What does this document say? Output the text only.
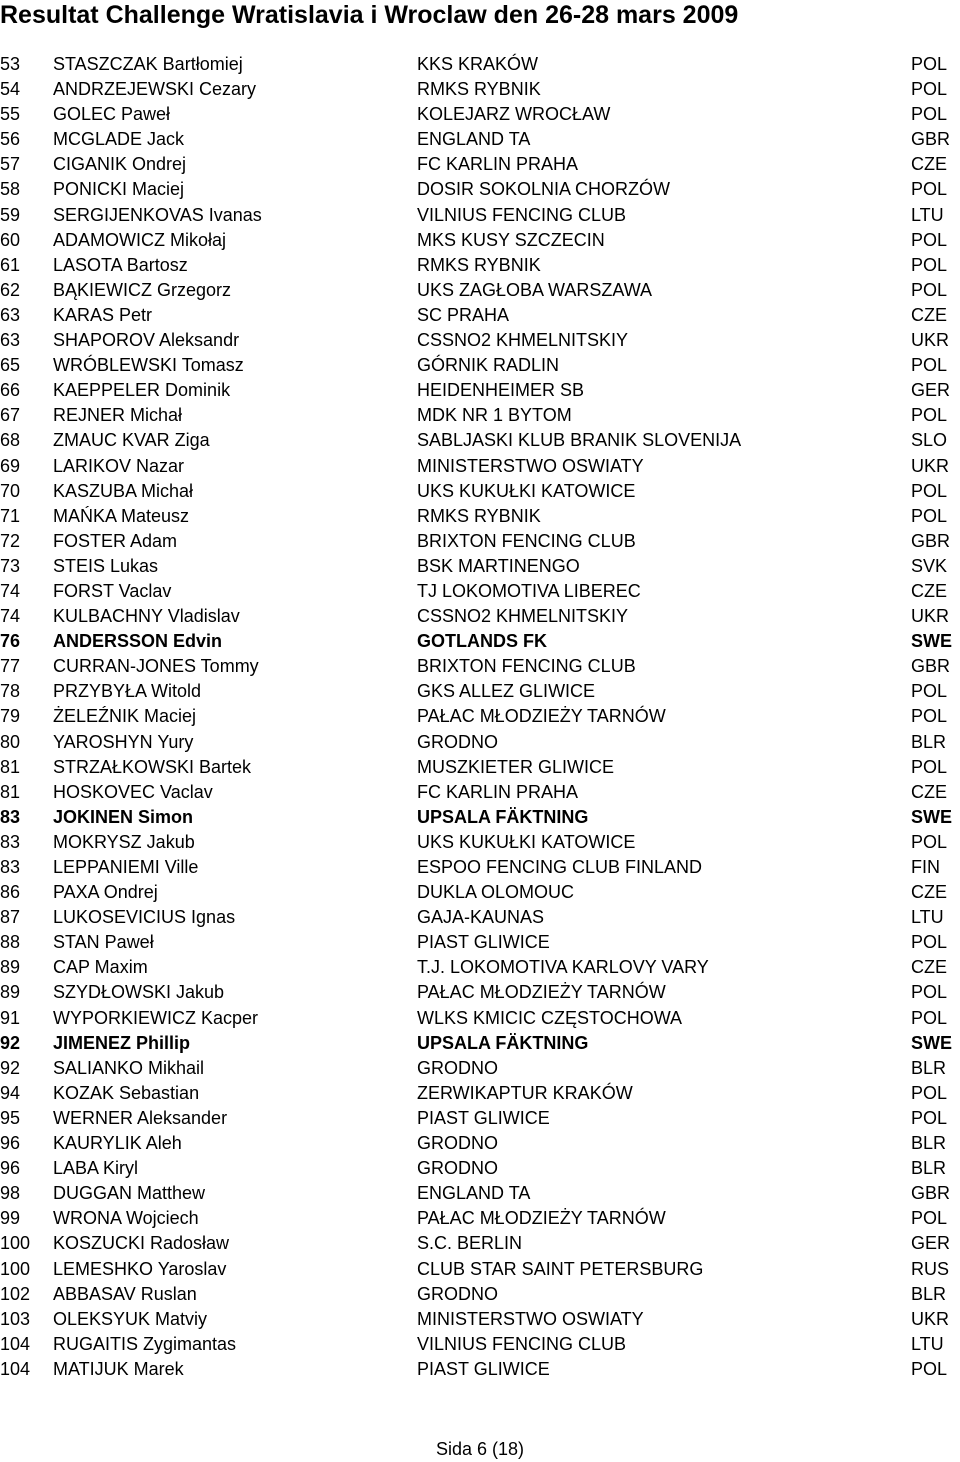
Resultat Challenge Wratislavia i Wroclaw den 26-28 mars 2009
53 STASZCZAK Bartłomiej	KKS KRAKÓW	POL
54 ANDRZEJEWSKI Cezary	RMKS RYBNIK	POL
55 GOLEC Paweł	KOLEJARZ WROCŁAW	POL
56 MCGLADE Jack	ENGLAND TA	GBR
57 CIGANIK Ondrej	FC KARLIN PRAHA	CZE
58 PONICKI Maciej	DOSIR SOKOLNIA CHORZÓW	POL
59 SERGIJENKOVAS Ivanas	VILNIUS FENCING CLUB	LTU
60 ADAMOWICZ Mikołaj	MKS KUSY SZCZECIN	POL
61 LASOTA Bartosz	RMKS RYBNIK	POL
62 BĄKIEWICZ Grzegorz	UKS ZAGŁOBA WARSZAWA	POL
63 KARAS Petr	SC PRAHA	CZE
63 SHAPOROV Aleksandr	CSSNO2 KHMELNITSKIY	UKR
65 WRÓBLEWSKI Tomasz	GÓRNIK RADLIN	POL
66 KAEPPELER Dominik	HEIDENHEIMER SB	GER
67 REJNER Michał	MDK NR 1 BYTOM	POL
68 ZMAUC KVAR Ziga	SABLJASKI KLUB BRANIK SLOVENIJA	SLO
69 LARIKOV Nazar	MINISTERSTWO OSWIATY	UKR
70 KASZUBA Michał	UKS KUKUŁKI KATOWICE	POL
71 MAŃKA Mateusz	RMKS RYBNIK	POL
72 FOSTER Adam	BRIXTON FENCING CLUB	GBR
73 STEIS Lukas	BSK MARTINENGO	SVK
74 FORST Vaclav	TJ LOKOMOTIVA LIBEREC	CZE
74 KULBACHNY Vladislav	CSSNO2 KHMELNITSKIY	UKR
76 ANDERSSON Edvin	GOTLANDS FK	SWE
77 CURRAN-JONES Tommy	BRIXTON FENCING CLUB	GBR
78 PRZYBYŁA Witold	GKS ALLEZ GLIWICE	POL
79 ŻELEŹNIK Maciej	PAŁAC MŁODZIEŻY TARNÓW	POL
80 YAROSHYN Yury	GRODNO	BLR
81 STRZAŁKOWSKI Bartek	MUSZKIETER GLIWICE	POL
81 HOSKOVEC Vaclav	FC KARLIN PRAHA	CZE
83 JOKINEN Simon	UPSALA FÄKTNING	SWE
83 MOKRYSZ Jakub	UKS KUKUŁKI KATOWICE	POL
83 LEPPANIEMI Ville	ESPOO FENCING CLUB FINLAND	FIN
86 PAXA Ondrej	DUKLA OLOMOUC	CZE
87 LUKOSEVICIUS Ignas	GAJA-KAUNAS	LTU
88 STAN Paweł	PIAST GLIWICE	POL
89 CAP Maxim	T.J. LOKOMOTIVA KARLOVY VARY	CZE
89 SZYDŁOWSKI Jakub	PAŁAC MŁODZIEŻY TARNÓW	POL
91 WYPORKIEWICZ Kacper	WLKS KMICIC CZĘSTOCHOWA	POL
92 JIMENEZ Phillip	UPSALA FÄKTNING	SWE
92 SALIANKO Mikhail	GRODNO	BLR
94 KOZAK Sebastian	ZERWIKAPTUR KRAKÓW	POL
95 WERNER Aleksander	PIAST GLIWICE	POL
96 KAURYLIK Aleh	GRODNO	BLR
96 LABA Kiryl	GRODNO	BLR
98 DUGGAN Matthew	ENGLAND TA	GBR
99 WRONA Wojciech	PAŁAC MŁODZIEŻY TARNÓW	POL
100 KOSZUCKI Radosław	S.C. BERLIN	GER
100 LEMESHKO Yaroslav	CLUB STAR SAINT PETERSBURG	RUS
102 ABBASAV Ruslan	GRODNO	BLR
103 OLEKSYUK Matviy	MINISTERSTWO OSWIATY	UKR
104 RUGAITIS Zygimantas	VILNIUS FENCING CLUB	LTU
104 MATIJUK Marek	PIAST GLIWICE	POL
Sida 6 (18)
